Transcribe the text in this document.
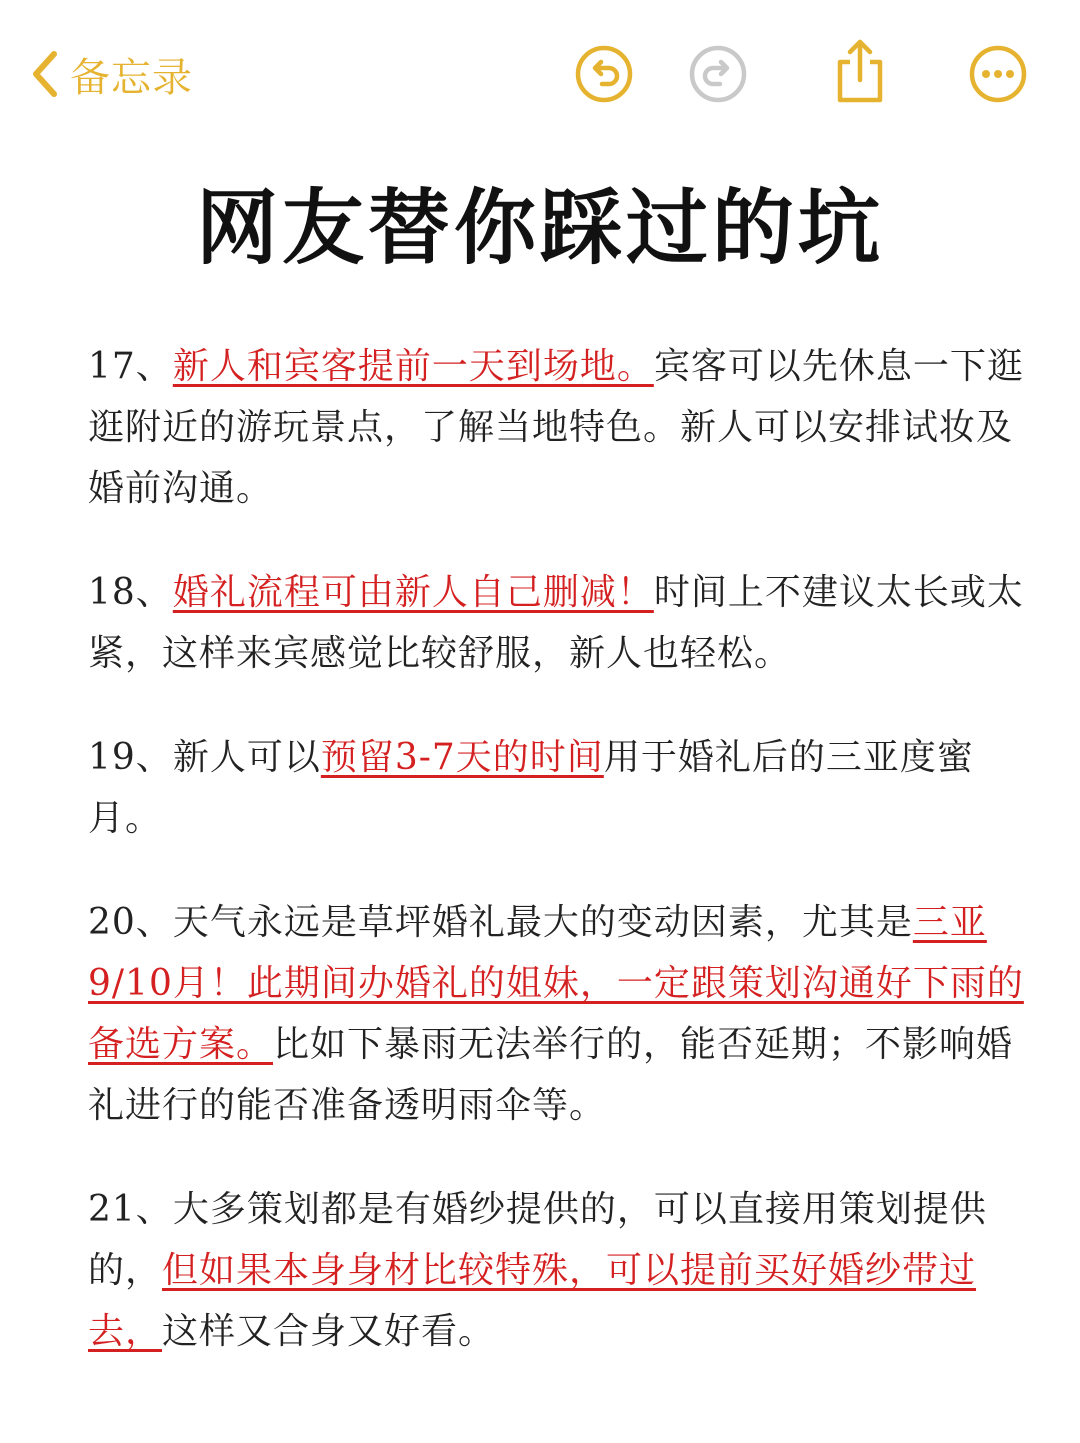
备忘录
网友替你踩过的坑

17、新人和宾客提前一天到场地。宾客可以先休息一下逛逛附近的游玩景点，了解当地特色。新人可以安排试妆及婚前沟通。

18、婚礼流程可由新人自己删减！时间上不建议太长或太紧，这样来宾感觉比较舒服，新人也轻松。

19、新人可以预留3-7天的时间用于婚礼后的三亚度蜜月。

20、天气永远是草坪婚礼最大的变动因素，尤其是三亚9/10月！此期间办婚礼的姐妹，一定跟策划沟通好下雨的备选方案。比如下暴雨无法举行的，能否延期；不影响婚礼进行的能否准备透明雨伞等。

21、大多策划都是有婚纱提供的，可以直接用策划提供的，但如果本身身材比较特殊，可以提前买好婚纱带过去，这样又合身又好看。
